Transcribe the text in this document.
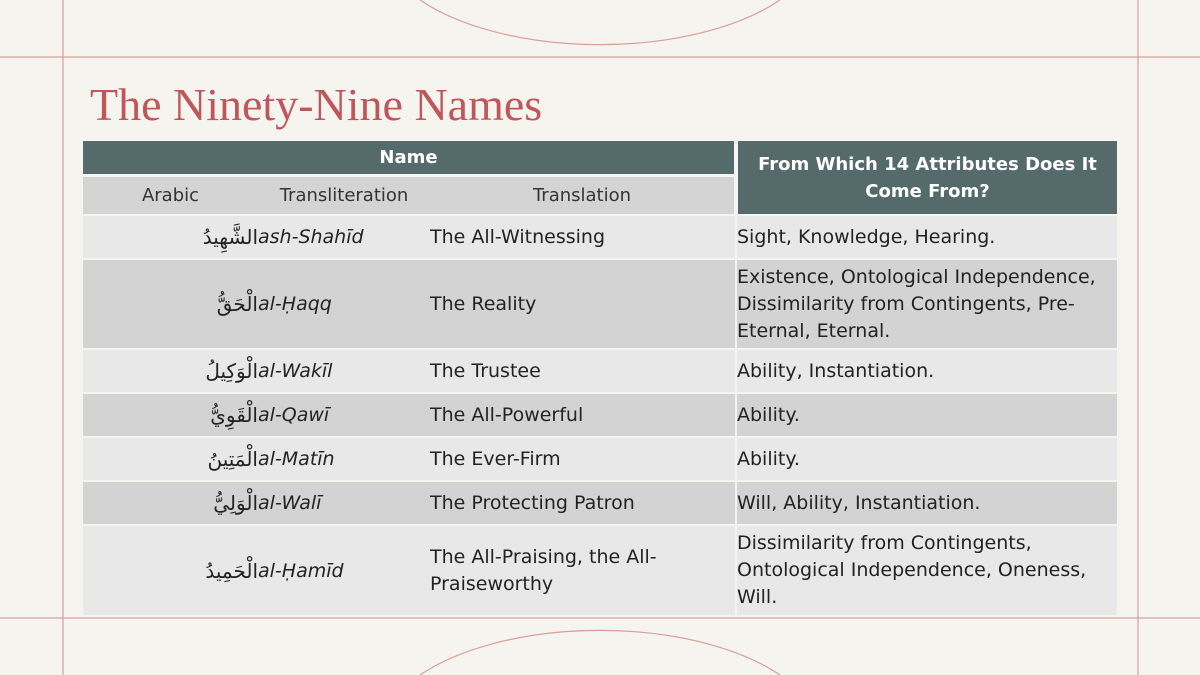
The Ninety-Nine Names
Name			From Which 14 Attributes Does It Come From?
Arabic	Transliteration	Translation	
الشَّهِيدُ	ash-Shahīd	The All-Witnessing	Sight, Knowledge, Hearing.
الْحَقُّ	al-Ḥaqq	The Reality	Existence, Ontological Independence, Dissimilarity from Contingents, Pre-Eternal, Eternal.
الْوَكِيلُ	al-Wakīl	The Trustee	Ability, Instantiation.
الْقَوِيُّ	al-Qawī	The All-Powerful	Ability.
الْمَتِينُ	al-Matīn	The Ever-Firm	Ability.
الْوَلِيُّ	al-Walī	The Protecting Patron	Will, Ability, Instantiation.
الْحَمِيدُ	al-Ḥamīd	The All-Praising, the All-Praiseworthy	Dissimilarity from Contingents, Ontological Independence, Oneness, Will.
